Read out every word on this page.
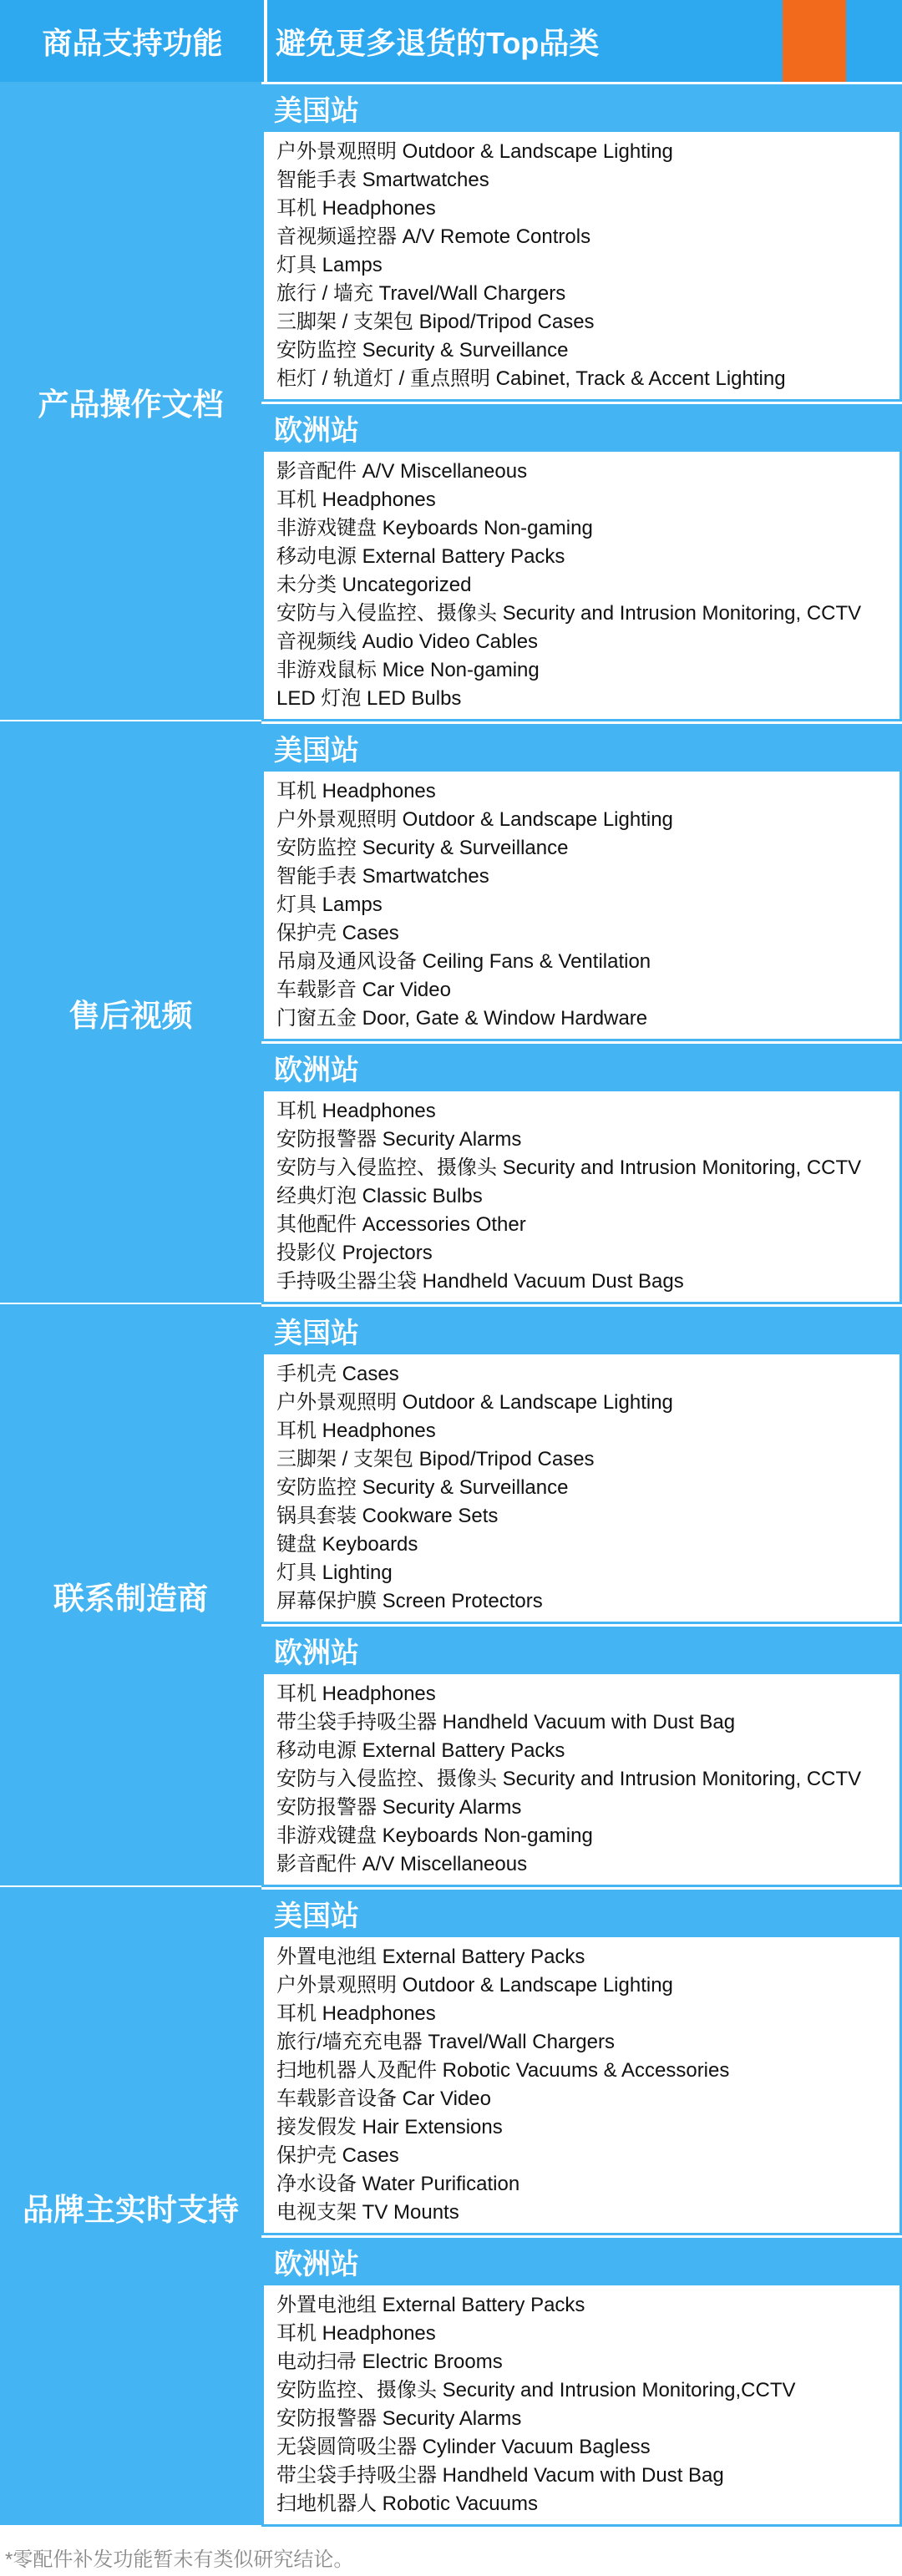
商品支持功能	避免更多退货的Top品类
产品操作文档
美国站
户外景观照明 Outdoor & Landscape Lighting
智能手表 Smartwatches
耳机 Headphones
音视频遥控器 A/V Remote Controls
灯具 Lamps
旅行 / 墙充 Travel/Wall Chargers
三脚架 / 支架包 Bipod/Tripod Cases
安防监控 Security & Surveillance
柜灯 / 轨道灯 / 重点照明 Cabinet, Track & Accent Lighting
欧洲站
影音配件 A/V Miscellaneous
耳机 Headphones
非游戏键盘 Keyboards Non-gaming
移动电源 External Battery Packs
未分类 Uncategorized
安防与入侵监控、摄像头 Security and Intrusion Monitoring, CCTV
音视频线 Audio Video Cables
非游戏鼠标 Mice Non-gaming
LED 灯泡 LED Bulbs
售后视频
美国站
耳机 Headphones
户外景观照明 Outdoor & Landscape Lighting
安防监控 Security & Surveillance
智能手表 Smartwatches
灯具 Lamps
保护壳 Cases
吊扇及通风设备 Ceiling Fans & Ventilation
车载影音 Car Video
门窗五金 Door, Gate & Window Hardware
欧洲站
耳机 Headphones
安防报警器 Security Alarms
安防与入侵监控、摄像头 Security and Intrusion Monitoring, CCTV
经典灯泡 Classic Bulbs
其他配件 Accessories Other
投影仪 Projectors
手持吸尘器尘袋 Handheld Vacuum Dust Bags
联系制造商
美国站
手机壳 Cases
户外景观照明 Outdoor & Landscape Lighting
耳机 Headphones
三脚架 / 支架包 Bipod/Tripod Cases
安防监控 Security & Surveillance
锅具套装 Cookware Sets
键盘 Keyboards
灯具 Lighting
屏幕保护膜 Screen Protectors
欧洲站
耳机 Headphones
带尘袋手持吸尘器 Handheld Vacuum with Dust Bag
移动电源 External Battery Packs
安防与入侵监控、摄像头 Security and Intrusion Monitoring, CCTV
安防报警器 Security Alarms
非游戏键盘 Keyboards Non-gaming
影音配件 A/V Miscellaneous
品牌主实时支持
美国站
外置电池组 External Battery Packs
户外景观照明 Outdoor & Landscape Lighting
耳机 Headphones
旅行/墙充充电器 Travel/Wall Chargers
扫地机器人及配件 Robotic Vacuums & Accessories
车载影音设备 Car Video
接发假发 Hair Extensions
保护壳 Cases
净水设备 Water Purification
电视支架 TV Mounts
欧洲站
外置电池组 External Battery Packs
耳机 Headphones
电动扫帚 Electric Brooms
安防监控、摄像头 Security and Intrusion Monitoring,CCTV
安防报警器 Security Alarms
无袋圆筒吸尘器 Cylinder Vacuum Bagless
带尘袋手持吸尘器 Handheld Vacum with Dust Bag
扫地机器人 Robotic Vacuums
*零配件补发功能暂未有类似研究结论。
